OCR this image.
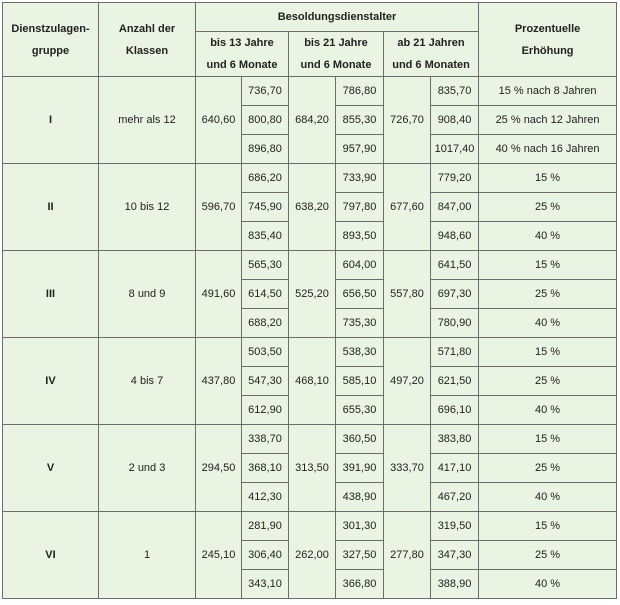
Dienstzulagen-
gruppe	Anzahl der
Klassen	Besoldungsdienstalter						Prozentuelle
Erhöhung

		bis 13 Jahre
und 6 Monate		bis 21 Jahre
und 6 Monate		ab 21 Jahren
und 6 Monaten		

I	mehr als 12	640,60	736,70	684,20	786,80	726,70	835,70	15 % nach 8 Jahren
			800,80		855,30		908,40	25 % nach 12 Jahren
			896,80		957,90		1017,40	40 % nach 16 Jahren
II	10 bis 12	596,70	686,20	638,20	733,90	677,60	779,20	15 %
			745,90		797,80		847,00	25 %
			835,40		893,50		948,60	40 %
III	8 und 9	491,60	565,30	525,20	604,00	557,80	641,50	15 %
			614,50		656,50		697,30	25 %
			688,20		735,30		780,90	40 %
IV	4 bis 7	437,80	503,50	468,10	538,30	497,20	571,80	15 %
			547,30		585,10		621,50	25 %
			612,90		655,30		696,10	40 %
V	2 und 3	294,50	338,70	313,50	360,50	333,70	383,80	15 %
			368,10		391,90		417,10	25 %
			412,30		438,90		467,20	40 %
VI	1	245,10	281,90	262,00	301,30	277,80	319,50	15 %
			306,40		327,50		347,30	25 %
			343,10		366,80		388,90	40 %
